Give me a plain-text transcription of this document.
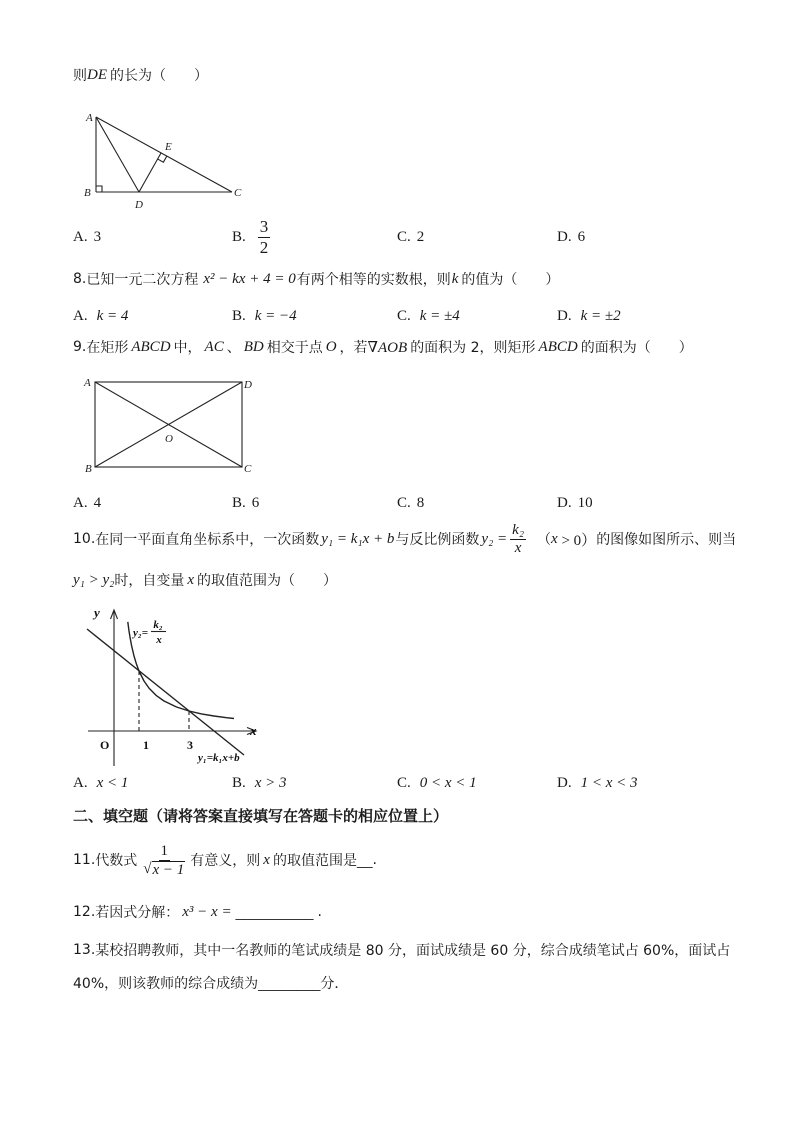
则 DE 的长为（　　）
A
E
B
D
C
A. 3	B. $\frac{3}{2}$	C. 2	D. 6
8. 已知一元二次方程 x² − kx + 4 = 0 有两个相等的实数根，则 k 的值为（　　）
A. k = 4	B. k = −4	C. k = ±4	D. k = ±2
9. 在矩形 ABCD 中， AC 、 BD 相交于点 O ，若 ∇AOB 的面积为 2，则矩形 ABCD 的面积为（　　）
A	D
B	C
O
A. 4	B. 6	C. 8	D. 10
10. 在同一平面直角坐标系中，一次函数 y₁ = k₁x + b 与反比例函数 $y_2 = \frac{\text{k₂}}{x}$ （ x > 0） 的图像如图所示、则当
y₁ > y₂ 时，自变量 x 的取值范围为（　　）
y
x
O	1	3
y₂=
k₂
x
y₁=k₁x+b
A. x < 1	B. x > 3	C. 0 < x < 1	D. 1 < x < 3
二、填空题（请将答案直接填写在答题卡的相应位置上）
11. 代数式 $\frac{1}{√ x - 1}$ 有意义，则 x 的取值范围是 __ .
12. 若因式分解： x³ − x = __________ .
13. 某校招聘教师，其中一名教师的笔试成绩是 80 分，面试成绩是 60 分，综合成绩笔试占 60%，面试占
40%，则该教师的综合成绩为 ________ 分．
